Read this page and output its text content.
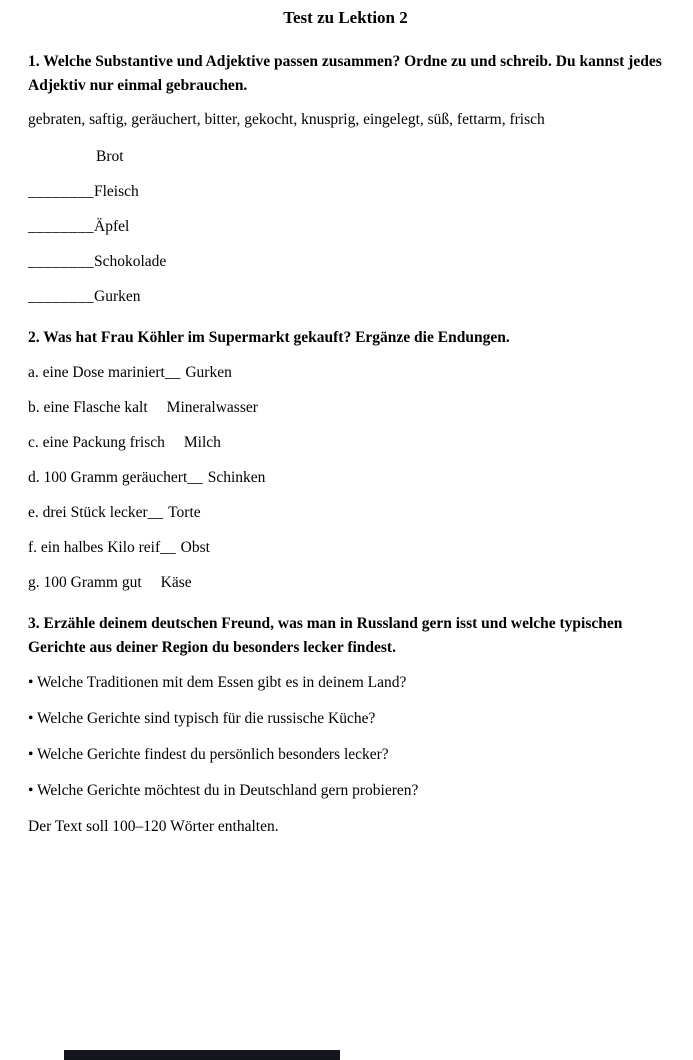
Test zu Lektion 2

1. Welche Substantive und Adjektive passen zusammen? Ordne zu und schreib. Du kannst jedes Adjektiv nur einmal gebrauchen.

gebraten, saftig, geräuchert, bitter, gekocht, knusprig, eingelegt, süß, fettarm, frisch

Brot
________Fleisch
________Äpfel
________Schokolade
________Gurken

2. Was hat Frau Köhler im Supermarkt gekauft? Ergänze die Endungen.

a. eine Dose mariniert__ Gurken
b. eine Flasche kalt Mineralwasser
c. eine Packung frisch Milch
d. 100 Gramm geräuchert__ Schinken
e. drei Stück lecker__ Torte
f. ein halbes Kilo reif__ Obst
g. 100 Gramm gut Käse

3. Erzähle deinem deutschen Freund, was man in Russland gern isst und welche typischen Gerichte aus deiner Region du besonders lecker findest.

• Welche Traditionen mit dem Essen gibt es in deinem Land?

• Welche Gerichte sind typisch für die russische Küche?

• Welche Gerichte findest du persönlich besonders lecker?

• Welche Gerichte möchtest du in Deutschland gern probieren?

Der Text soll 100–120 Wörter enthalten.
